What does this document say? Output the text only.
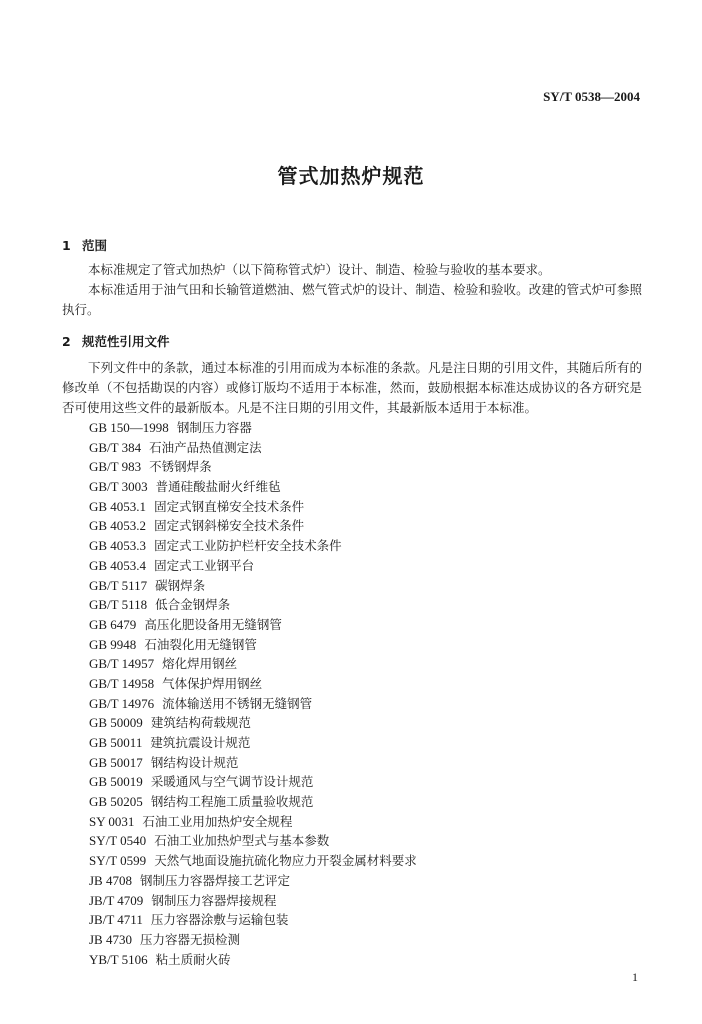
SY/T 0538—2004
管式加热炉规范
1 范围
本标准规定了管式加热炉（以下简称管式炉）设计、制造、检验与验收的基本要求。
本标准适用于油气田和长输管道燃油、燃气管式炉的设计、制造、检验和验收。改建的管式炉可参照执行。
2 规范性引用文件
下列文件中的条款，通过本标准的引用而成为本标准的条款。凡是注日期的引用文件，其随后所有的修改单（不包括勘误的内容）或修订版均不适用于本标准，然而，鼓励根据本标准达成协议的各方研究是否可使用这些文件的最新版本。凡是不注日期的引用文件，其最新版本适用于本标准。
GB 150—1998 钢制压力容器
GB/T 384 石油产品热值测定法
GB/T 983 不锈钢焊条
GB/T 3003 普通硅酸盐耐火纤维毡
GB 4053.1 固定式钢直梯安全技术条件
GB 4053.2 固定式钢斜梯安全技术条件
GB 4053.3 固定式工业防护栏杆安全技术条件
GB 4053.4 固定式工业钢平台
GB/T 5117 碳钢焊条
GB/T 5118 低合金钢焊条
GB 6479 高压化肥设备用无缝钢管
GB 9948 石油裂化用无缝钢管
GB/T 14957 熔化焊用钢丝
GB/T 14958 气体保护焊用钢丝
GB/T 14976 流体输送用不锈钢无缝钢管
GB 50009 建筑结构荷载规范
GB 50011 建筑抗震设计规范
GB 50017 钢结构设计规范
GB 50019 采暖通风与空气调节设计规范
GB 50205 钢结构工程施工质量验收规范
SY 0031 石油工业用加热炉安全规程
SY/T 0540 石油工业加热炉型式与基本参数
SY/T 0599 天然气地面设施抗硫化物应力开裂金属材料要求
JB 4708 钢制压力容器焊接工艺评定
JB/T 4709 钢制压力容器焊接规程
JB/T 4711 压力容器涂敷与运输包装
JB 4730 压力容器无损检测
YB/T 5106 粘土质耐火砖
1
